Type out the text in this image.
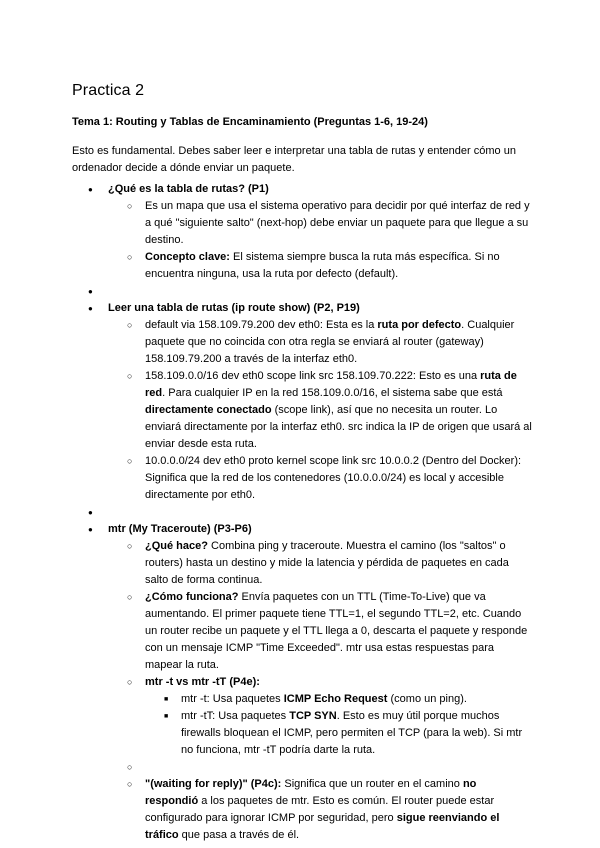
Practica 2
Tema 1: Routing y Tablas de Encaminamiento (Preguntas 1-6, 19-24)

Esto es fundamental. Debes saber leer e interpretar una tabla de rutas y entender cómo un ordenador decide a dónde enviar un paquete.

● ¿Qué es la tabla de rutas? (P1)
○ Es un mapa que usa el sistema operativo para decidir por qué interfaz de red y a qué "siguiente salto" (next-hop) debe enviar un paquete para que llegue a su destino.
○ Concepto clave: El sistema siempre busca la ruta más específica. Si no encuentra ninguna, usa la ruta por defecto (default).
●
● Leer una tabla de rutas (ip route show) (P2, P19)
○ default via 158.109.79.200 dev eth0: Esta es la ruta por defecto. Cualquier paquete que no coincida con otra regla se enviará al router (gateway) 158.109.79.200 a través de la interfaz eth0.
○ 158.109.0.0/16 dev eth0 scope link src 158.109.70.222: Esto es una ruta de red. Para cualquier IP en la red 158.109.0.0/16, el sistema sabe que está directamente conectado (scope link), así que no necesita un router. Lo enviará directamente por la interfaz eth0. src indica la IP de origen que usará al enviar desde esta ruta.
○ 10.0.0.0/24 dev eth0 proto kernel scope link src 10.0.0.2 (Dentro del Docker): Significa que la red de los contenedores (10.0.0.0/24) es local y accesible directamente por eth0.
●
● mtr (My Traceroute) (P3-P6)
○ ¿Qué hace? Combina ping y traceroute. Muestra el camino (los "saltos" o routers) hasta un destino y mide la latencia y pérdida de paquetes en cada salto de forma continua.
○ ¿Cómo funciona? Envía paquetes con un TTL (Time-To-Live) que va aumentando. El primer paquete tiene TTL=1, el segundo TTL=2, etc. Cuando un router recibe un paquete y el TTL llega a 0, descarta el paquete y responde con un mensaje ICMP "Time Exceeded". mtr usa estas respuestas para mapear la ruta.
○ mtr -t vs mtr -tT (P4e):
■ mtr -t: Usa paquetes ICMP Echo Request (como un ping).
■ mtr -tT: Usa paquetes TCP SYN. Esto es muy útil porque muchos firewalls bloquean el ICMP, pero permiten el TCP (para la web). Si mtr no funciona, mtr -tT podría darte la ruta.
○
○ "(waiting for reply)" (P4c): Significa que un router en el camino no respondió a los paquetes de mtr. Esto es común. El router puede estar configurado para ignorar ICMP por seguridad, pero sigue reenviando el tráfico que pasa a través de él.
